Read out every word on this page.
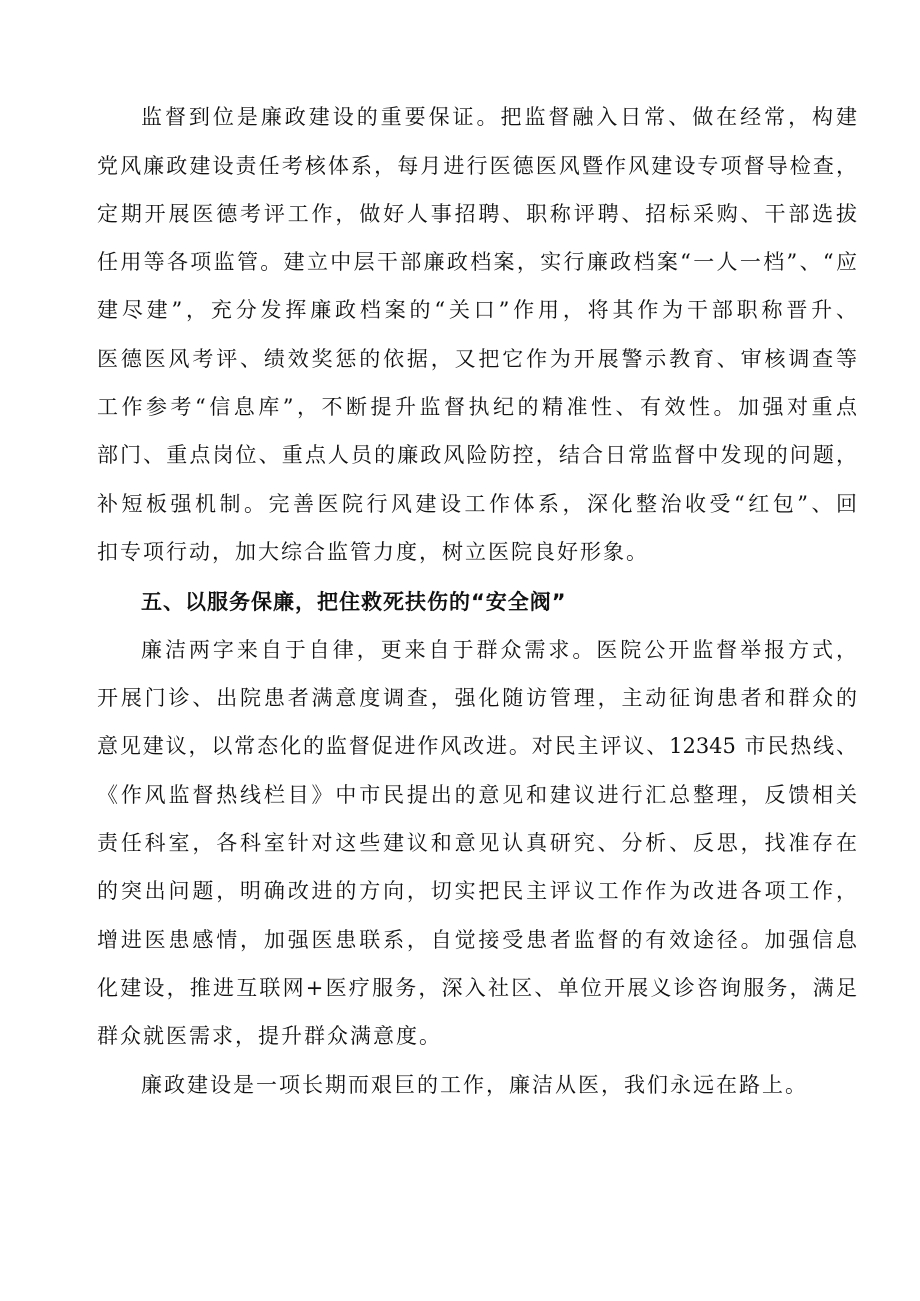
监督到位是廉政建设的重要保证。把监督融入日常、做在经常，构建
党风廉政建设责任考核体系，每月进行医德医风暨作风建设专项督导检查，
定期开展医德考评工作，做好人事招聘、职称评聘、招标采购、干部选拔
任用等各项监管。建立中层干部廉政档案，实行廉政档案“一人一档”、“应
建尽建”，充分发挥廉政档案的“关口”作用，将其作为干部职称晋升、
医德医风考评、绩效奖惩的依据，又把它作为开展警示教育、审核调查等
工作参考“信息库”，不断提升监督执纪的精准性、有效性。加强对重点
部门、重点岗位、重点人员的廉政风险防控，结合日常监督中发现的问题，
补短板强机制。完善医院行风建设工作体系，深化整治收受“红包”、回
扣专项行动，加大综合监管力度，树立医院良好形象。
五、以服务保廉，把住救死扶伤的“安全阀”
廉洁两字来自于自律，更来自于群众需求。医院公开监督举报方式，
开展门诊、出院患者满意度调查，强化随访管理，主动征询患者和群众的
意见建议，以常态化的监督促进作风改进。对民主评议、12345 市民热线、
《作风监督热线栏目》中市民提出的意见和建议进行汇总整理，反馈相关
责任科室，各科室针对这些建议和意见认真研究、分析、反思，找准存在
的突出问题，明确改进的方向，切实把民主评议工作作为改进各项工作，
增进医患感情，加强医患联系，自觉接受患者监督的有效途径。加强信息
化建设，推进互联网+医疗服务，深入社区、单位开展义诊咨询服务，满足
群众就医需求，提升群众满意度。
廉政建设是一项长期而艰巨的工作，廉洁从医，我们永远在路上。
